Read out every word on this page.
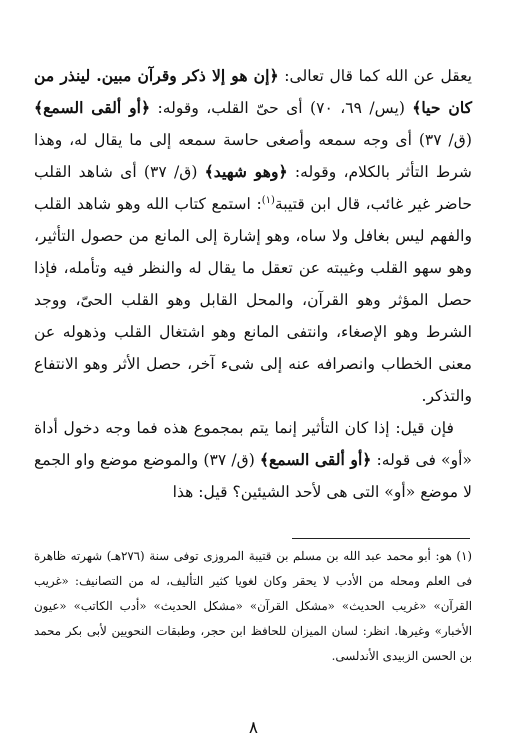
يعقل عن الله كما قال تعالى: ﴿إن هو إلا ذكر وقرآن مبين. لينذر من كان حيا﴾ (يس/ ٦٩، ٧٠) أى حىّ القلب، وقوله: ﴿أو ألقى السمع﴾ (ق/ ٣٧) أى وجه سمعه وأصغى حاسة سمعه إلى ما يقال له، وهذا شرط التأثر بالكلام، وقوله: ﴿وهو شهيد﴾ (ق/ ٣٧) أى شاهد القلب حاضر غير غائب، قال ابن قتيبة$^{(١)}$: استمع كتاب الله وهو شاهد القلب والفهم ليس بغافل ولا ساه، وهو إشارة إلى المانع من حصول التأثير، وهو سهو القلب وغيبته عن تعقل ما يقال له والنظر فيه وتأمله، فإذا حصل المؤثر وهو القرآن، والمحل القابل وهو القلب الحىّ، ووجد الشرط وهو الإصغاء، وانتفى المانع وهو اشتغال القلب وذهوله عن معنى الخطاب وانصرافه عنه إلى شىء آخر، حصل الأثر وهو الانتفاع والتذكر.

فإن قيل: إذا كان التأثير إنما يتم بمجموع هذه فما وجه دخول أداة «أو» فى قوله: ﴿أو ألقى السمع﴾ (ق/ ٣٧) والموضع موضع واو الجمع لا موضع «أو» التى هى لأحد الشيئين؟ قيل: هذا

(١) هو: أبو محمد عبد الله بن مسلم بن قتيبة المروزى توفى سنة (٢٧٦هـ) شهرته ظاهرة فى العلم ومحله من الأدب لا يحقر وكان لغويا كثير التأليف، له من التصانيف: «غريب القرآن» «غريب الحديث» «مشكل القرآن» «مشكل الحديث» «أدب الكاتب» «عيون الأخبار» وغيرها. انظر: لسان الميزان للحافظ ابن حجر، وطبقات النحويين لأبى بكر محمد بن الحسن الزبيدى الأندلسى.

٨
